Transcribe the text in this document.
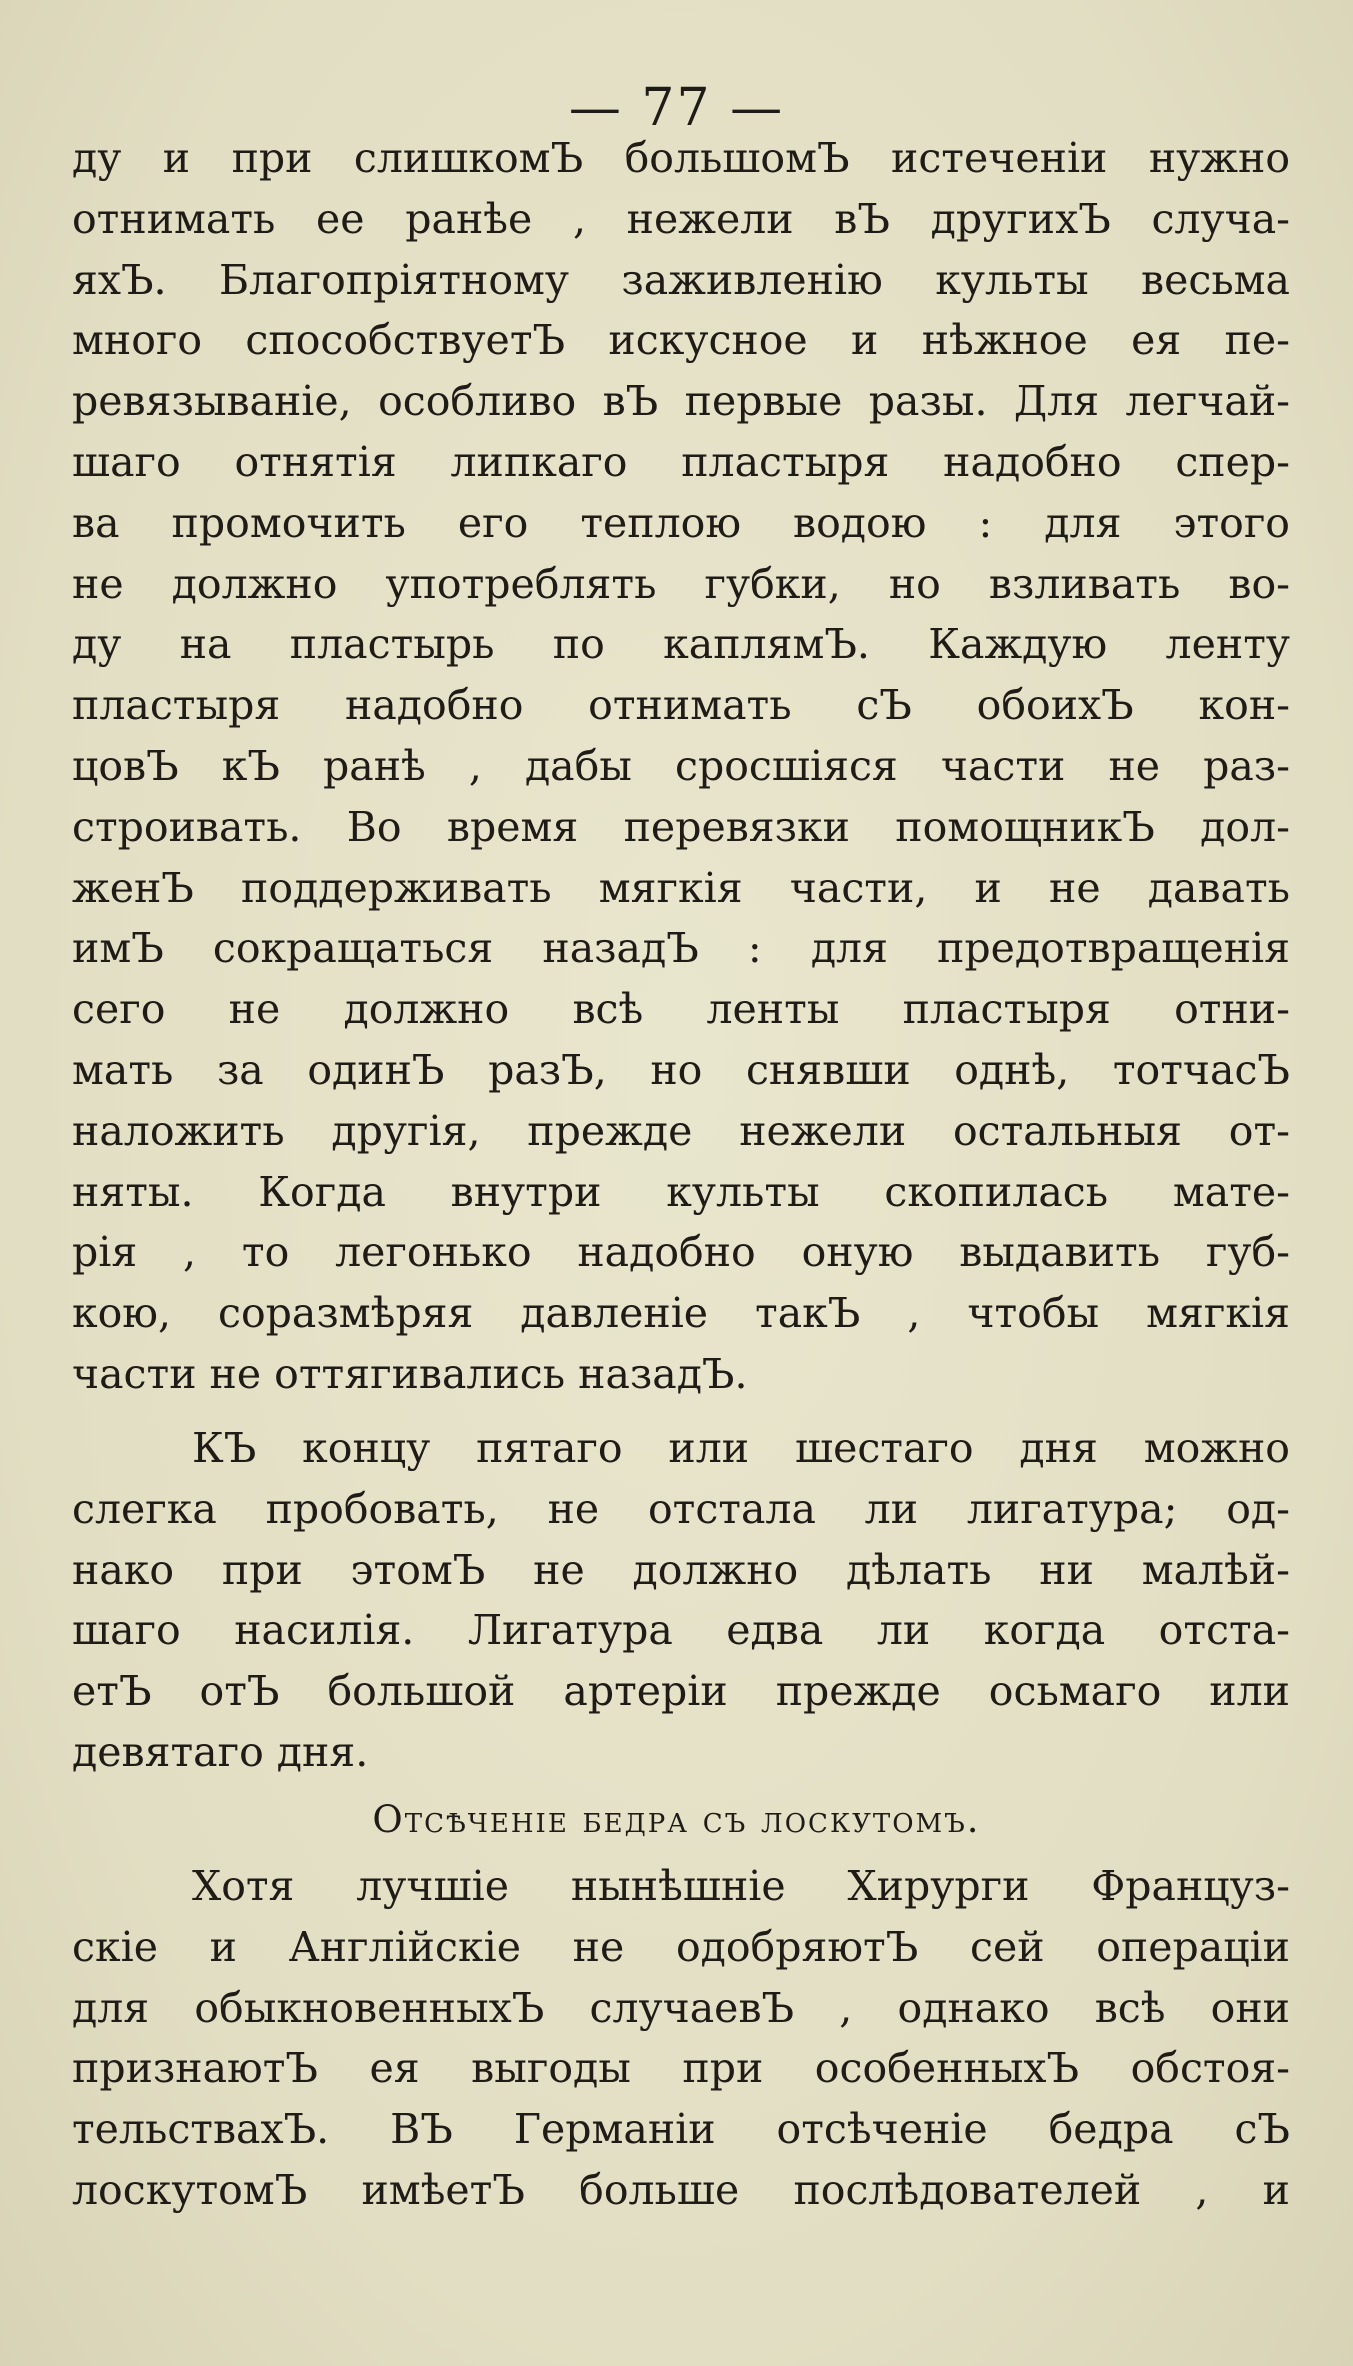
— 77 —
ду и при слишкомЪ большомЪ истеченіи нужно
отнимать ее ранѣе , нежели вЪ другихЪ случа-
яхЪ. Благопріятному заживленію культы весьма
много способствуетЪ искусное и нѣжное ея пе-
ревязываніе, особливо вЪ первые разы. Для легчай-
шаго отнятія липкаго пластыря надобно спер-
ва промочить его теплою водою : для этого
не должно употреблять губки, но взливать во-
ду на пластырь по каплямЪ. Каждую ленту
пластыря надобно отнимать сЪ обоихЪ кон-
цовЪ кЪ ранѣ , дабы сросшіяся части не раз-
строивать. Во время перевязки помощникЪ дол-
женЪ поддерживать мягкія части, и не давать
имЪ сокращаться назадЪ : для предотвращенія
сего не должно всѣ ленты пластыря отни-
мать за одинЪ разЪ, но снявши однѣ, тотчасЪ
наложить другія, прежде нежели остальныя от-
няты. Когда внутри культы скопилась мате-
рія , то легонько надобно оную выдавить губ-
кою, соразмѣряя давленіе такЪ , чтобы мягкія
части не оттягивались назадЪ.
КЪ концу пятаго или шестаго дня можно
слегка пробовать, не отстала ли лигатура; од-
нако при этомЪ не должно дѣлать ни малѣй-
шаго насилія. Лигатура едва ли когда отста-
етЪ отЪ большой артеріи прежде осьмаго или
девятаго дня.
Отсѣченіе бедра съ лоскутомъ.
Хотя лучшіе нынѣшніе Хирурги Француз-
скіе и Англійскіе не одобряютЪ сей операціи
для обыкновенныхЪ случаевЪ , однако всѣ они
признаютЪ ея выгоды при особенныхЪ обстоя-
тельствахЪ. ВЪ Германіи отсѣченіе бедра сЪ
лоскутомЪ имѣетЪ больше послѣдователей , и
